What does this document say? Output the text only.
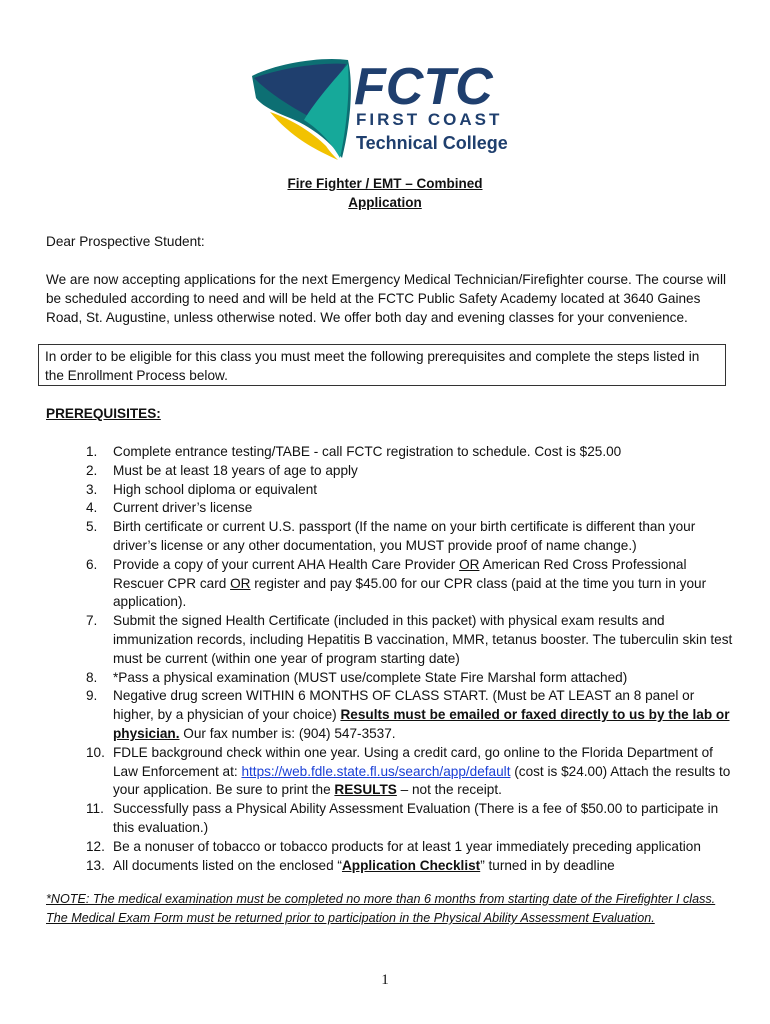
FCTC
FIRST COAST
Technical College
Fire Fighter / EMT – Combined
Application
Dear Prospective Student:
We are now accepting applications for the next Emergency Medical Technician/Firefighter course. The course will be scheduled according to need and will be held at the FCTC Public Safety Academy located at 3640 Gaines Road, St. Augustine, unless otherwise noted. We offer both day and evening classes for your convenience.
In order to be eligible for this class you must meet the following prerequisites and complete the steps listed in the Enrollment Process below.
PREREQUISITES:
1.	Complete entrance testing/TABE - call FCTC registration to schedule. Cost is $25.00
2.	Must be at least 18 years of age to apply
3.	High school diploma or equivalent
4.	Current driver’s license
5.	Birth certificate or current U.S. passport (If the name on your birth certificate is different than your driver’s license or any other documentation, you MUST provide proof of name change.)
6.	Provide a copy of your current AHA Health Care Provider OR American Red Cross Professional Rescuer CPR card OR register and pay $45.00 for our CPR class (paid at the time you turn in your application).
7.	Submit the signed Health Certificate (included in this packet) with physical exam results and immunization records, including Hepatitis B vaccination, MMR, tetanus booster. The tuberculin skin test must be current (within one year of program starting date)
8.	*Pass a physical examination (MUST use/complete State Fire Marshal form attached)
9.	Negative drug screen WITHIN 6 MONTHS OF CLASS START. (Must be AT LEAST an 8 panel or higher, by a physician of your choice) Results must be emailed or faxed directly to us by the lab or physician. Our fax number is: (904) 547-3537.
10. FDLE background check within one year. Using a credit card, go online to the Florida Department of Law Enforcement at: https://web.fdle.state.fl.us/search/app/default (cost is $24.00) Attach the results to your application. Be sure to print the RESULTS – not the receipt.
11. Successfully pass a Physical Ability Assessment Evaluation (There is a fee of $50.00 to participate in this evaluation.)
12. Be a nonuser of tobacco or tobacco products for at least 1 year immediately preceding application
13. All documents listed on the enclosed “Application Checklist” turned in by deadline
*NOTE: The medical examination must be completed no more than 6 months from starting date of the Firefighter I class. The Medical Exam Form must be returned prior to participation in the Physical Ability Assessment Evaluation.
1
